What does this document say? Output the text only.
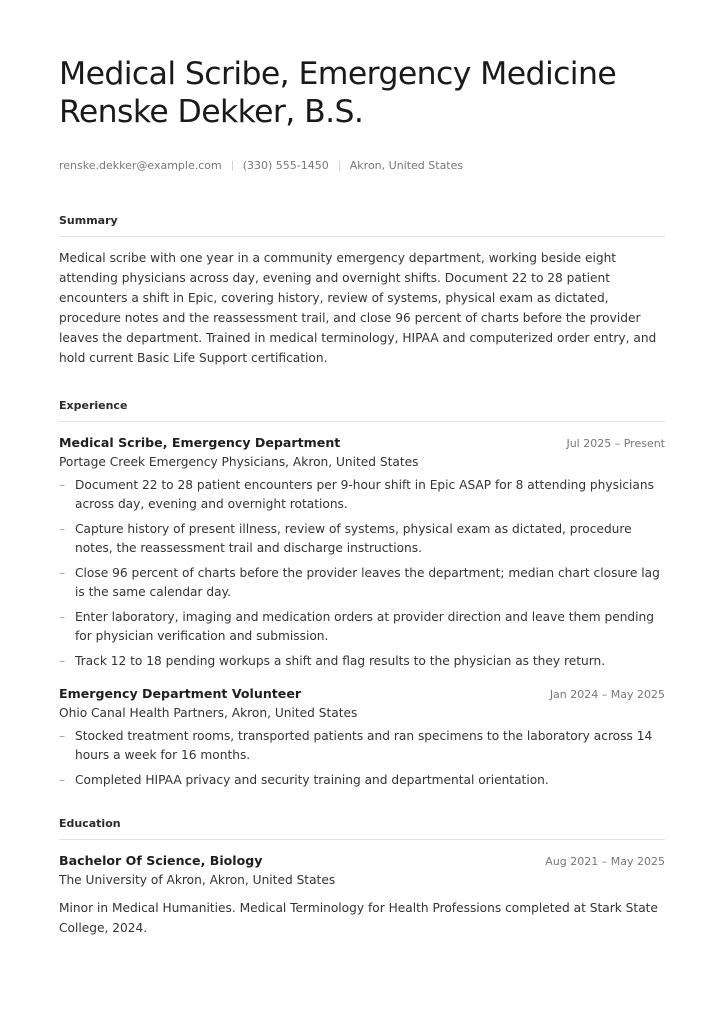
Medical Scribe, Emergency Medicine Renske Dekker, B.S.
renske.dekker@example.com (330) 555-1450 Akron, United States
Summary

Medical scribe with one year in a community emergency department, working beside eight attending physicians across day, evening and overnight shifts. Document 22 to 28 patient encounters a shift in Epic, covering history, review of systems, physical exam as dictated, procedure notes and the reassessment trail, and close 96 percent of charts before the provider leaves the department. Trained in medical terminology, HIPAA and computerized order entry, and hold current Basic Life Support certification.

Experience
Medical Scribe, Emergency Department	Jul 2025 – Present
Portage Creek Emergency Physicians, Akron, United States
– Document 22 to 28 patient encounters per 9-hour shift in Epic ASAP for 8 attending physicians across day, evening and overnight rotations.
– Capture history of present illness, review of systems, physical exam as dictated, procedure notes, the reassessment trail and discharge instructions.
– Close 96 percent of charts before the provider leaves the department; median chart closure lag is the same calendar day.
– Enter laboratory, imaging and medication orders at provider direction and leave them pending for physician verification and submission.
– Track 12 to 18 pending workups a shift and flag results to the physician as they return.
Emergency Department Volunteer	Jan 2024 – May 2025
Ohio Canal Health Partners, Akron, United States
– Stocked treatment rooms, transported patients and ran specimens to the laboratory across 14 hours a week for 16 months.
– Completed HIPAA privacy and security training and departmental orientation.
Education
Bachelor Of Science, Biology	Aug 2021 – May 2025
The University of Akron, Akron, United States
Minor in Medical Humanities. Medical Terminology for Health Professions completed at Stark State College, 2024.
